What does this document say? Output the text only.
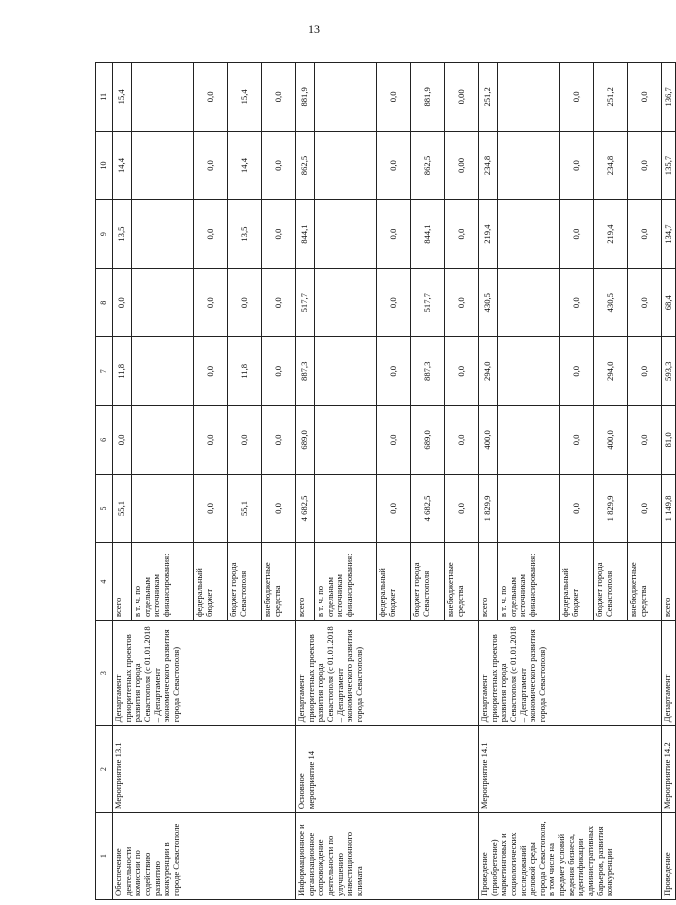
13
1	2	3	4	5	6	7	8	9	10	11
Обеспечение деятельности комиссии по содействию развитию конкуренции в городе Севастополе	Мероприятие 13.1	Департамент приоритетных проектов развития города Севастополя (с 01.01.2018 – Департамент экономического развития города Севастополя)	всего	55,1	0,0	11,8	0,0	13,5	14,4	15,4
			в т. ч. по отдельным источникам финансирования:							
			федеральный бюджет	0,0	0,0	0,0	0,0	0,0	0,0	0,0
			бюджет города Севастополя	55,1	0,0	11,8	0,0	13,5	14,4	15,4
			внебюджетные средства	0,0	0,0	0,0	0,0	0,0	0,0	0,0
Информационное и организационное сопровождение деятельности по улучшению инвестиционного климата	Основное мероприятие 14	Департамент приоритетных проектов развития города Севастополя (с 01.01.2018 – Департамент экономического развития города Севастополя)	всего	4 682,5	689,0	887,3	517,7	844,1	862,5	881,9
			в т. ч. по отдельным источникам финансирования:							
			федеральный бюджет	0,0	0,0	0,0	0,0	0,0	0,0	0,0
			бюджет города Севастополя	4 682,5	689,0	887,3	517,7	844,1	862,5	881,9
			внебюджетные средства	0,0	0,0	0,0	0,0	0,0	0,00	0,00
Проведение (приобретение) маркетинговых и социологических исследований деловой среды города Севастополя, в том числе на предмет условий ведения бизнеса, идентификации административных барьеров, развития конкуренции	Мероприятие 14.1	Департамент приоритетных проектов развития города Севастополя (с 01.01.2018 – Департамент экономического развития города Севастополя)	всего	1 829,9	400,0	294,0	430,5	219,4	234,8	251,2
			в т. ч. по отдельным источникам финансирования:							
			федеральный бюджет	0,0	0,0	0,0	0,0	0,0	0,0	0,0
			бюджет города Севастополя	1 829,9	400,0	294,0	430,5	219,4	234,8	251,2
			внебюджетные средства	0,0	0,0	0,0	0,0	0,0	0,0	0,0
Проведение	Мероприятие 14.2	Департамент	всего	1 149,8	81,0	593,3	68,4	134,7	135,7	136,7
